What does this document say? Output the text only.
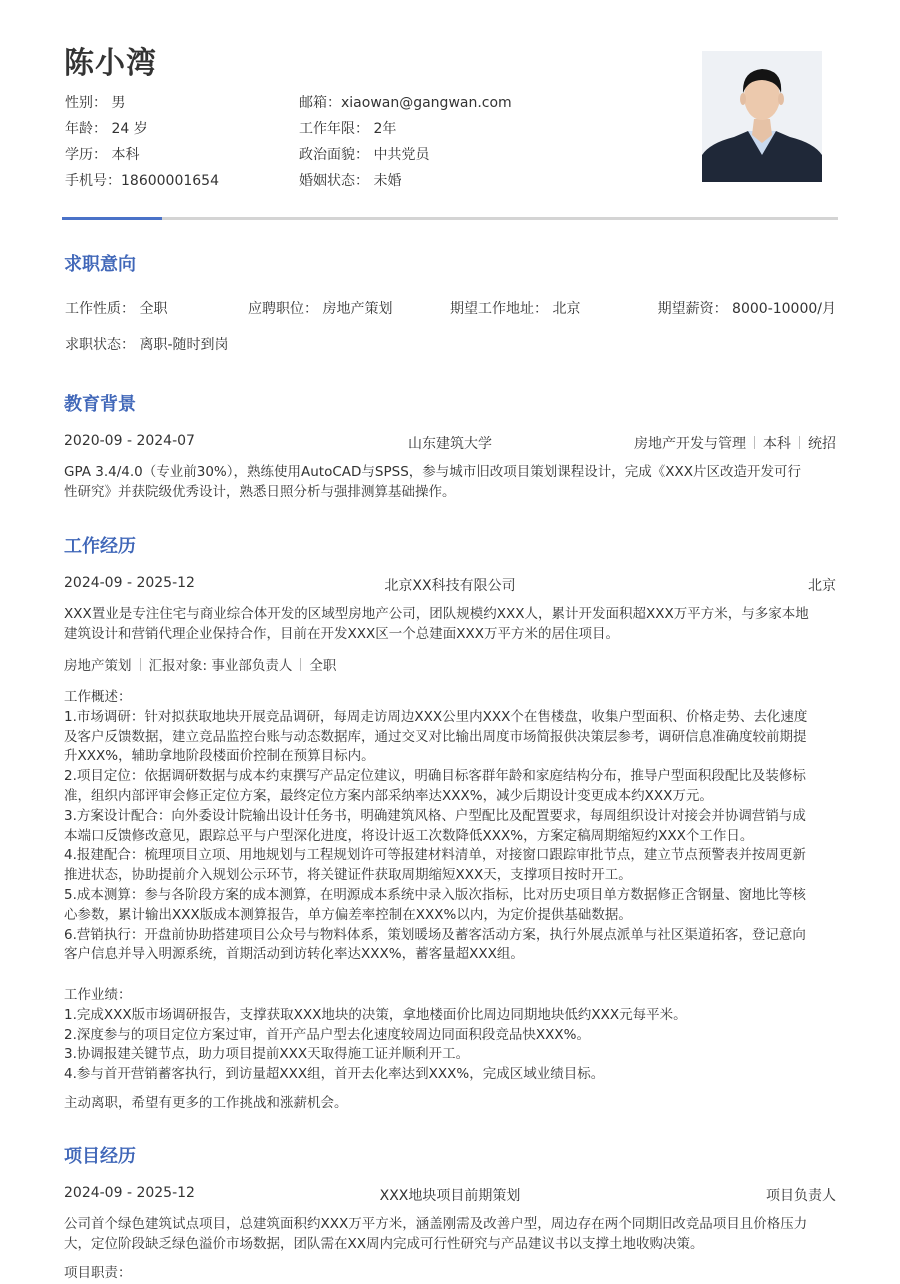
陈小湾
性别： 男	邮箱：xiaowan@gangwan.com
年龄： 24 岁	工作年限： 2年
学历： 本科	政治面貌： 中共党员
手机号：18600001654	婚姻状态： 未婚
求职意向
工作性质： 全职	应聘职位： 房地产策划	期望工作地址： 北京	期望薪资： 8000-10000/月
求职状态： 离职-随时到岗
教育背景
2020-09 - 2024-07	山东建筑大学	房地产开发与管理 本科 统招

GPA 3.4/4.0（专业前30%），熟练使用AutoCAD与SPSS，参与城市旧改项目策划课程设计，完成《XXX片区改造开发可行
性研究》并获院级优秀设计，熟悉日照分析与强排测算基础操作。

工作经历
2024-09 - 2025-12	北京XX科技有限公司	北京

XXX置业是专注住宅与商业综合体开发的区域型房地产公司，团队规模约XXX人，累计开发面积超XXX万平方米，与多家本地
建筑设计和营销代理企业保持合作，目前在开发XXX区一个总建面XXX万平方米的居住项目。

房地产策划 汇报对象: 事业部负责人 全职

工作概述：
1.市场调研：针对拟获取地块开展竞品调研，每周走访周边XXX公里内XXX个在售楼盘，收集户型面积、价格走势、去化速度
及客户反馈数据，建立竞品监控台账与动态数据库，通过交叉对比输出周度市场简报供决策层参考，调研信息准确度较前期提
升XXX%，辅助拿地阶段楼面价控制在预算目标内。
2.项目定位：依据调研数据与成本约束撰写产品定位建议，明确目标客群年龄和家庭结构分布，推导户型面积段配比及装修标
准，组织内部评审会修正定位方案，最终定位方案内部采纳率达XXX%，减少后期设计变更成本约XXX万元。
3.方案设计配合：向外委设计院输出设计任务书，明确建筑风格、户型配比及配置要求，每周组织设计对接会并协调营销与成
本端口反馈修改意见，跟踪总平与户型深化进度，将设计返工次数降低XXX%，方案定稿周期缩短约XXX个工作日。
4.报建配合：梳理项目立项、用地规划与工程规划许可等报建材料清单，对接窗口跟踪审批节点，建立节点预警表并按周更新
推进状态，协助提前介入规划公示环节，将关键证件获取周期缩短XXX天，支撑项目按时开工。
5.成本测算：参与各阶段方案的成本测算，在明源成本系统中录入版次指标，比对历史项目单方数据修正含钢量、窗地比等核
心参数，累计输出XXX版成本测算报告，单方偏差率控制在XXX%以内，为定价提供基础数据。
6.营销执行：开盘前协助搭建项目公众号与物料体系，策划暖场及蓄客活动方案，执行外展点派单与社区渠道拓客，登记意向
客户信息并导入明源系统，首期活动到访转化率达XXX%，蓄客量超XXX组。

工作业绩：
1.完成XXX版市场调研报告，支撑获取XXX地块的决策，拿地楼面价比周边同期地块低约XXX元每平米。
2.深度参与的项目定位方案过审，首开产品户型去化速度较周边同面积段竞品快XXX%。
3.协调报建关键节点，助力项目提前XXX天取得施工证并顺利开工。
4.参与首开营销蓄客执行，到访量超XXX组，首开去化率达到XXX%，完成区域业绩目标。

主动离职，希望有更多的工作挑战和涨薪机会。

项目经历
2024-09 - 2025-12	XXX地块项目前期策划	项目负责人

公司首个绿色建筑试点项目，总建筑面积约XXX万平方米，涵盖刚需及改善户型，周边存在两个同期旧改竞品项目且价格压力
大，定位阶段缺乏绿色溢价市场数据，团队需在XX周内完成可行性研究与产品建议书以支撑土地收购决策。

项目职责：
